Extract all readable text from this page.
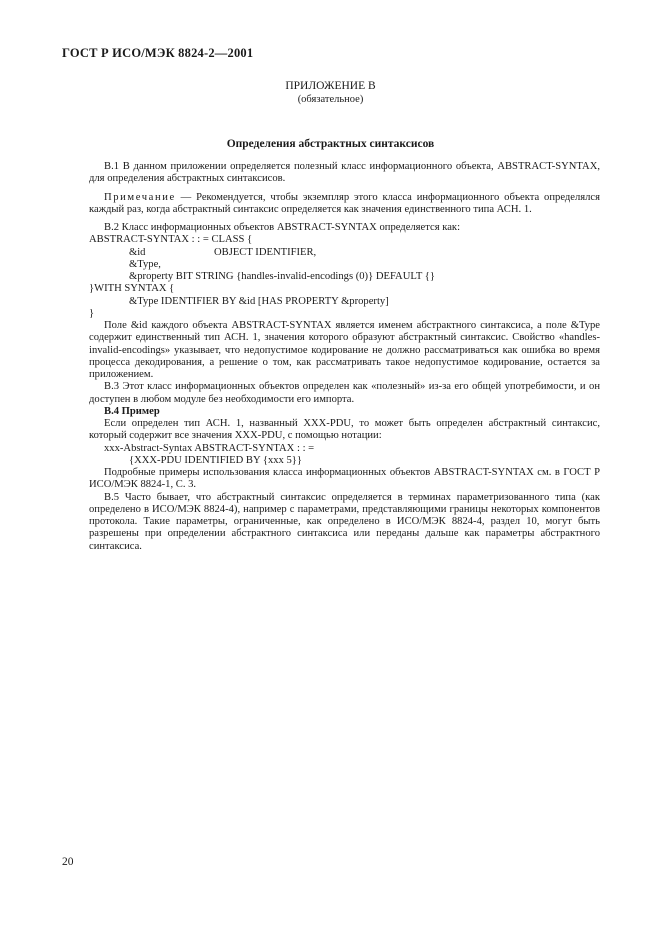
ГОСТ Р ИСО/МЭК 8824-2—2001
ПРИЛОЖЕНИЕ В
(обязательное)
Определения абстрактных синтаксисов

В.1 В данном приложении определяется полезный класс информационного объекта, ABSTRACT-SYNTAX, для определения абстрактных синтаксисов.

Примечание — Рекомендуется, чтобы экземпляр этого класса информационного объекта определялся каждый раз, когда абстрактный синтаксис определяется как значения единственного типа АСН. 1.

В.2 Класс информационных объектов ABSTRACT-SYNTAX определяется как:

ABSTRACT-SYNTAX : : = CLASS {
&id	OBJECT IDENTIFIER,
&Type,
&property BIT STRING {handles-invalid-encodings (0)} DEFAULT {}
}WITH SYNTAX {
&Type IDENTIFIER BY &id [HAS PROPERTY &property]
}

Поле &id каждого объекта ABSTRACT-SYNTAX является именем абстрактного синтаксиса, а поле &Type содержит единственный тип АСН. 1, значения которого образуют абстрактный синтаксис. Свойство «handles-invalid-encodings» указывает, что недопустимое кодирование не должно рассматриваться как ошибка во время процесса декодирования, а решение о том, как рассматривать такое недопустимое кодирование, остается за приложением.

В.3 Этот класс информационных объектов определен как «полезный» из-за его общей употребимости, и он доступен в любом модуле без необходимости его импорта.

В.4 Пример

Если определен тип АСН. 1, названный XXX-PDU, то может быть определен абстрактный синтаксис, который содержит все значения XXX-PDU, с помощью нотации:

xxx-Abstract-Syntax ABSTRACT-SYNTAX : : =
{XXX-PDU IDENTIFIED BY {xxx 5}}

Подробные примеры использования класса информационных объектов ABSTRACT-SYNTAX см. в ГОСТ Р ИСО/МЭК 8824-1, С. 3.

В.5 Часто бывает, что абстрактный синтаксис определяется в терминах параметризованного типа (как определено в ИСО/МЭК 8824-4), например с параметрами, представляющими границы некоторых компонентов протокола. Такие параметры, ограниченные, как определено в ИСО/МЭК 8824-4, раздел 10, могут быть разрешены при определении абстрактного синтаксиса или переданы дальше как параметры абстрактного синтаксиса.

20
